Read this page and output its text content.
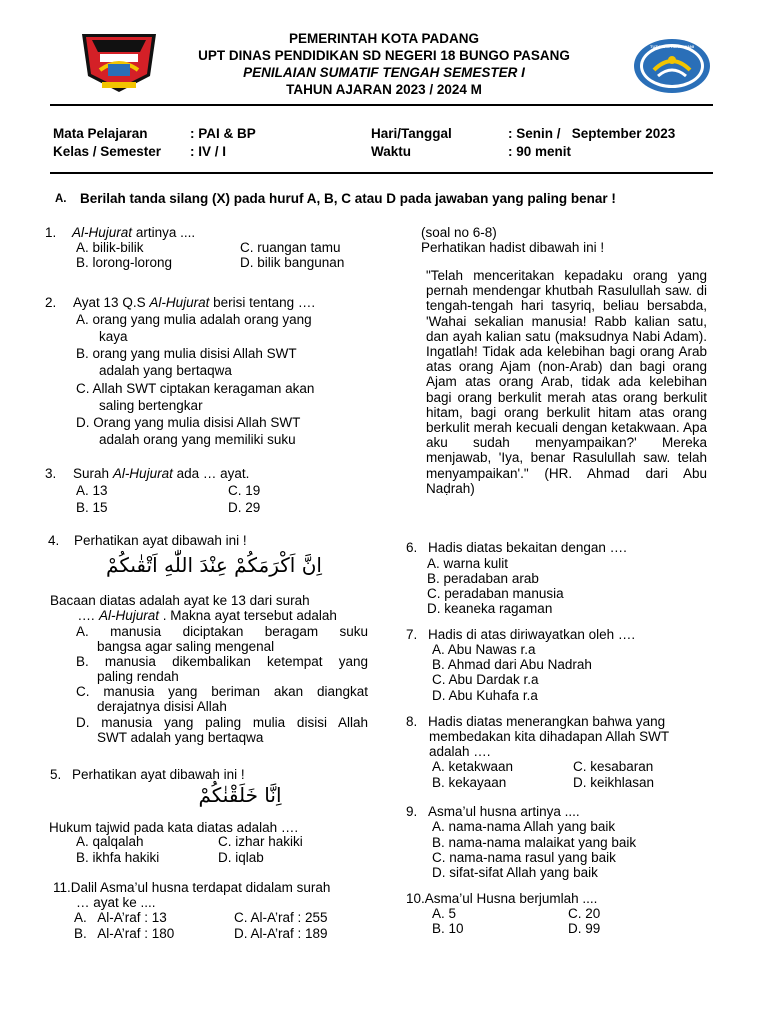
PEMERINTAH KOTA PADANG
UPT DINAS PENDIDIKAN SD NEGERI 18 BUNGO PASANG
PENILAIAN SUMATIF TENGAH SEMESTER I
TAHUN AJARAN 2023 / 2024 M
TUT WURI HANDAYANI
Mata Pelajaran	: PAI & BP
Kelas / Semester : IV / I
Hari/Tanggal	: Senin /   September 2023
Waktu	: 90 menit
A. Berilah tanda silang (X) pada huruf A, B, C atau D pada jawaban yang paling benar !
1. Al-Hujurat artinya ....
A. bilik-bilik
B. lorong-lorong
C. ruangan tamu
D. bilik bangunan
2. Ayat 13 Q.S Al-Hujurat berisi tentang ….
A. orang yang mulia adalah orang yang
kaya
B. orang yang mulia disisi Allah SWT
adalah yang bertaqwa
C. Allah SWT ciptakan keragaman akan
saling bertengkar
D. Orang yang mulia disisi Allah SWT
adalah orang yang memiliki suku
3. Surah Al-Hujurat ada … ayat.
A. 13
B. 15
C. 19
D. 29
4. Perhatikan ayat dibawah ini !
اِنَّ اَكْرَمَكُمْ عِنْدَ اللّٰهِ اَتْقٰىكُمْ
Bacaan diatas adalah ayat ke 13 dari surah
.… Al-Hujurat . Makna ayat tersebut adalah
A. manusia diciptakan beragam suku
bangsa agar saling mengenal
B. manusia dikembalikan ketempat yang
paling rendah
C. manusia yang beriman akan diangkat
derajatnya disisi Allah
D. manusia yang paling mulia disisi Allah
SWT adalah yang bertaqwa
5. Perhatikan ayat dibawah ini !
اِنَّا خَلَقْنٰكُمْ
Hukum tajwid pada kata diatas adalah ….
A. qalqalah
B. ikhfa hakiki
C. izhar hakiki
D. iqlab
11.Dalil Asma’ul husna terdapat didalam surah
… ayat ke ....
A.   Al-A’raf : 13
B.   Al-A’raf : 180
C. Al-A’raf : 255
D. Al-A’raf : 189
(soal no 6-8)
Perhatikan hadist dibawah ini !
"Telah menceritakan kepadaku orang yang pernah mendengar khutbah Rasulullah saw. di tengah-tengah hari tasyriq, beliau bersabda, 'Wahai sekalian manusia! Rabb kalian satu, dan ayah kalian satu (maksudnya Nabi Adam). Ingatlah! Tidak ada kelebihan bagi orang Arab atas orang Ajam (non-Arab) dan bagi orang Ajam atas orang Arab, tidak ada kelebihan bagi orang berkulit merah atas orang berkulit hitam, bagi orang berkulit hitam atas orang berkulit merah kecuali dengan ketakwaan. Apa aku sudah menyampaikan?' Mereka menjawab, 'Iya, benar Rasulullah saw. telah menyampaikan'." (HR. Ahmad dari Abu Naḍrah)
6. Hadis diatas bekaitan dengan ….
A. warna kulit
B. peradaban arab
C. peradaban manusia
D. keaneka ragaman
7. Hadis di atas diriwayatkan oleh ….
A. Abu Nawas r.a
B. Ahmad dari Abu Nadrah
C. Abu Dardak r.a
D. Abu Kuhafa r.a
8. Hadis diatas menerangkan bahwa yang
membedakan kita dihadapan Allah SWT
adalah ….
A. ketakwaan
B. kekayaan
C. kesabaran
D. keikhlasan
9. Asma’ul husna artinya ....
A. nama-nama Allah yang baik
B. nama-nama malaikat yang baik
C. nama-nama rasul yang baik
D. sifat-sifat Allah yang baik
10.Asma’ul Husna berjumlah ....
A. 5
B. 10
C. 20
D. 99
